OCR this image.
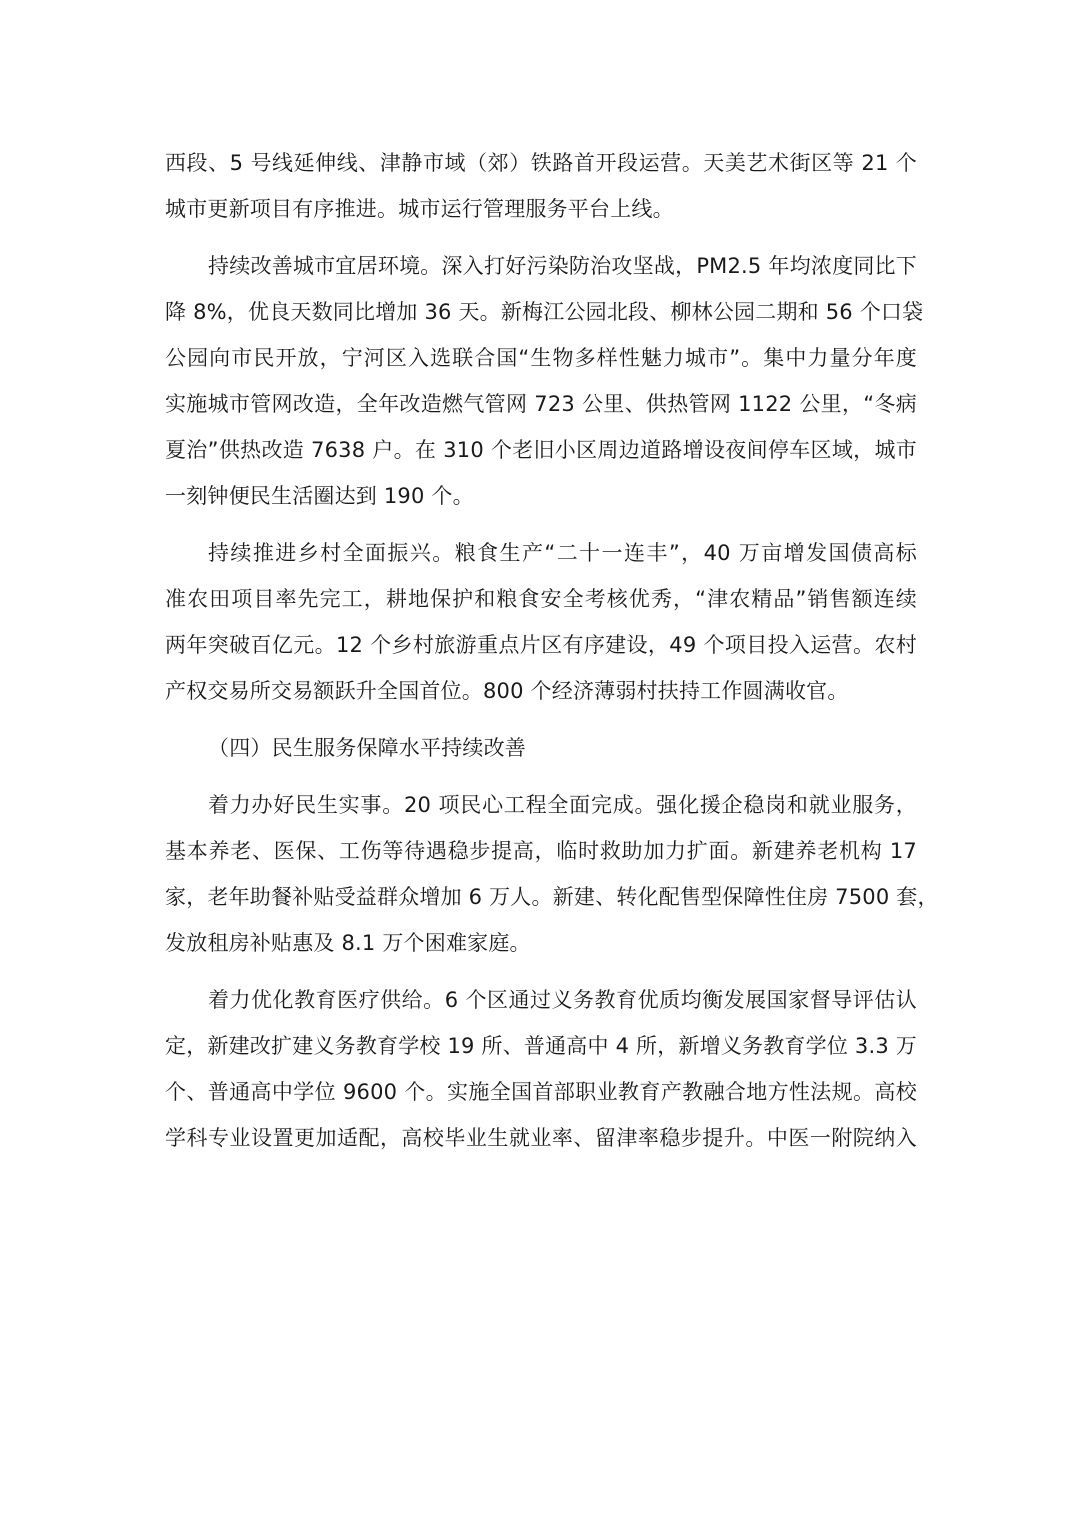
西段、5 号线延伸线、津静市域（郊）铁路首开段运营。天美艺术街区等 21 个
城市更新项目有序推进。城市运行管理服务平台上线。
持续改善城市宜居环境。深入打好污染防治攻坚战，PM2.5 年均浓度同比下
降 8%，优良天数同比增加 36 天。新梅江公园北段、柳林公园二期和 56 个口袋
公园向市民开放，宁河区入选联合国“生物多样性魅力城市”。集中力量分年度
实施城市管网改造，全年改造燃气管网 723 公里、供热管网 1122 公里，“冬病
夏治”供热改造 7638 户。在 310 个老旧小区周边道路增设夜间停车区域，城市
一刻钟便民生活圈达到 190 个。
持续推进乡村全面振兴。粮食生产“二十一连丰”，40 万亩增发国债高标
准农田项目率先完工，耕地保护和粮食安全考核优秀，“津农精品”销售额连续
两年突破百亿元。12 个乡村旅游重点片区有序建设，49 个项目投入运营。农村
产权交易所交易额跃升全国首位。800 个经济薄弱村扶持工作圆满收官。
（四）民生服务保障水平持续改善
着力办好民生实事。20 项民心工程全面完成。强化援企稳岗和就业服务，
基本养老、医保、工伤等待遇稳步提高，临时救助加力扩面。新建养老机构 17
家，老年助餐补贴受益群众增加 6 万人。新建、转化配售型保障性住房 7500 套，
发放租房补贴惠及 8.1 万个困难家庭。
着力优化教育医疗供给。6 个区通过义务教育优质均衡发展国家督导评估认
定，新建改扩建义务教育学校 19 所、普通高中 4 所，新增义务教育学位 3.3 万
个、普通高中学位 9600 个。实施全国首部职业教育产教融合地方性法规。高校
学科专业设置更加适配，高校毕业生就业率、留津率稳步提升。中医一附院纳入
